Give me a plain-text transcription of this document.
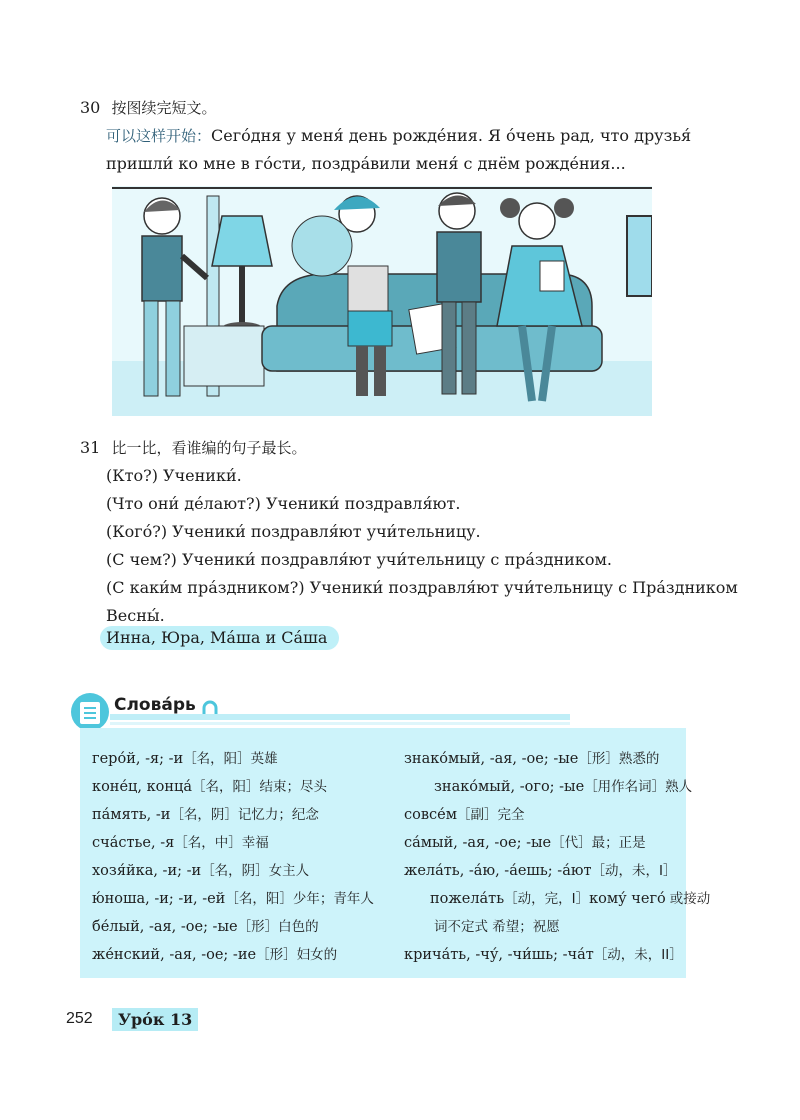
30 按图续完短文。
可以这样开始：Сего́дня у меня́ день рожде́ния. Я о́чень рад, что друзья́
пришли́ ко мне в го́сти, поздра́вили меня́ с днём рожде́ния...
31 比一比，看谁编的句子最长。
(Кто?) Ученики́.
(Что они́ де́лают?) Ученики́ поздравля́ют.
(Кого́?) Ученики́ поздравля́ют учи́тельницу.
(С чем?) Ученики́ поздравля́ют учи́тельницу с пра́здником.
(С каки́м пра́здником?) Ученики́ поздравля́ют учи́тельницу с Пра́здником
Весны́.
Инна, Юра, Ма́ша и Са́ша
Слова́рь
геро́й, -я; -и［名，阳］英雄
коне́ц, конца́［名，阳］结束；尽头
па́мять, -и［名，阴］记忆力；纪念
сча́стье, -я［名，中］幸福
хозя́йка, -и; -и［名，阴］女主人
ю́ноша, -и; -и, -ей［名，阳］少年；青年人
бе́лый, -ая, -ое; -ые［形］白色的
же́нский, -ая, -ое; -ие［形］妇女的
знако́мый, -ая, -ое; -ые［形］熟悉的
знако́мый, -ого; -ые［用作名词］熟人
совсе́м［副］完全
са́мый, -ая, -ое; -ые［代］最；正是
жела́ть, -а́ю, -а́ешь; -а́ют［动，未，I］
пожела́ть［动，完，I］кому́ чего́ 或接动
词不定式 希望；祝愿
крича́ть, -чу́, -чи́шь; -ча́т［动，未，II］
252	Уро́к 13
